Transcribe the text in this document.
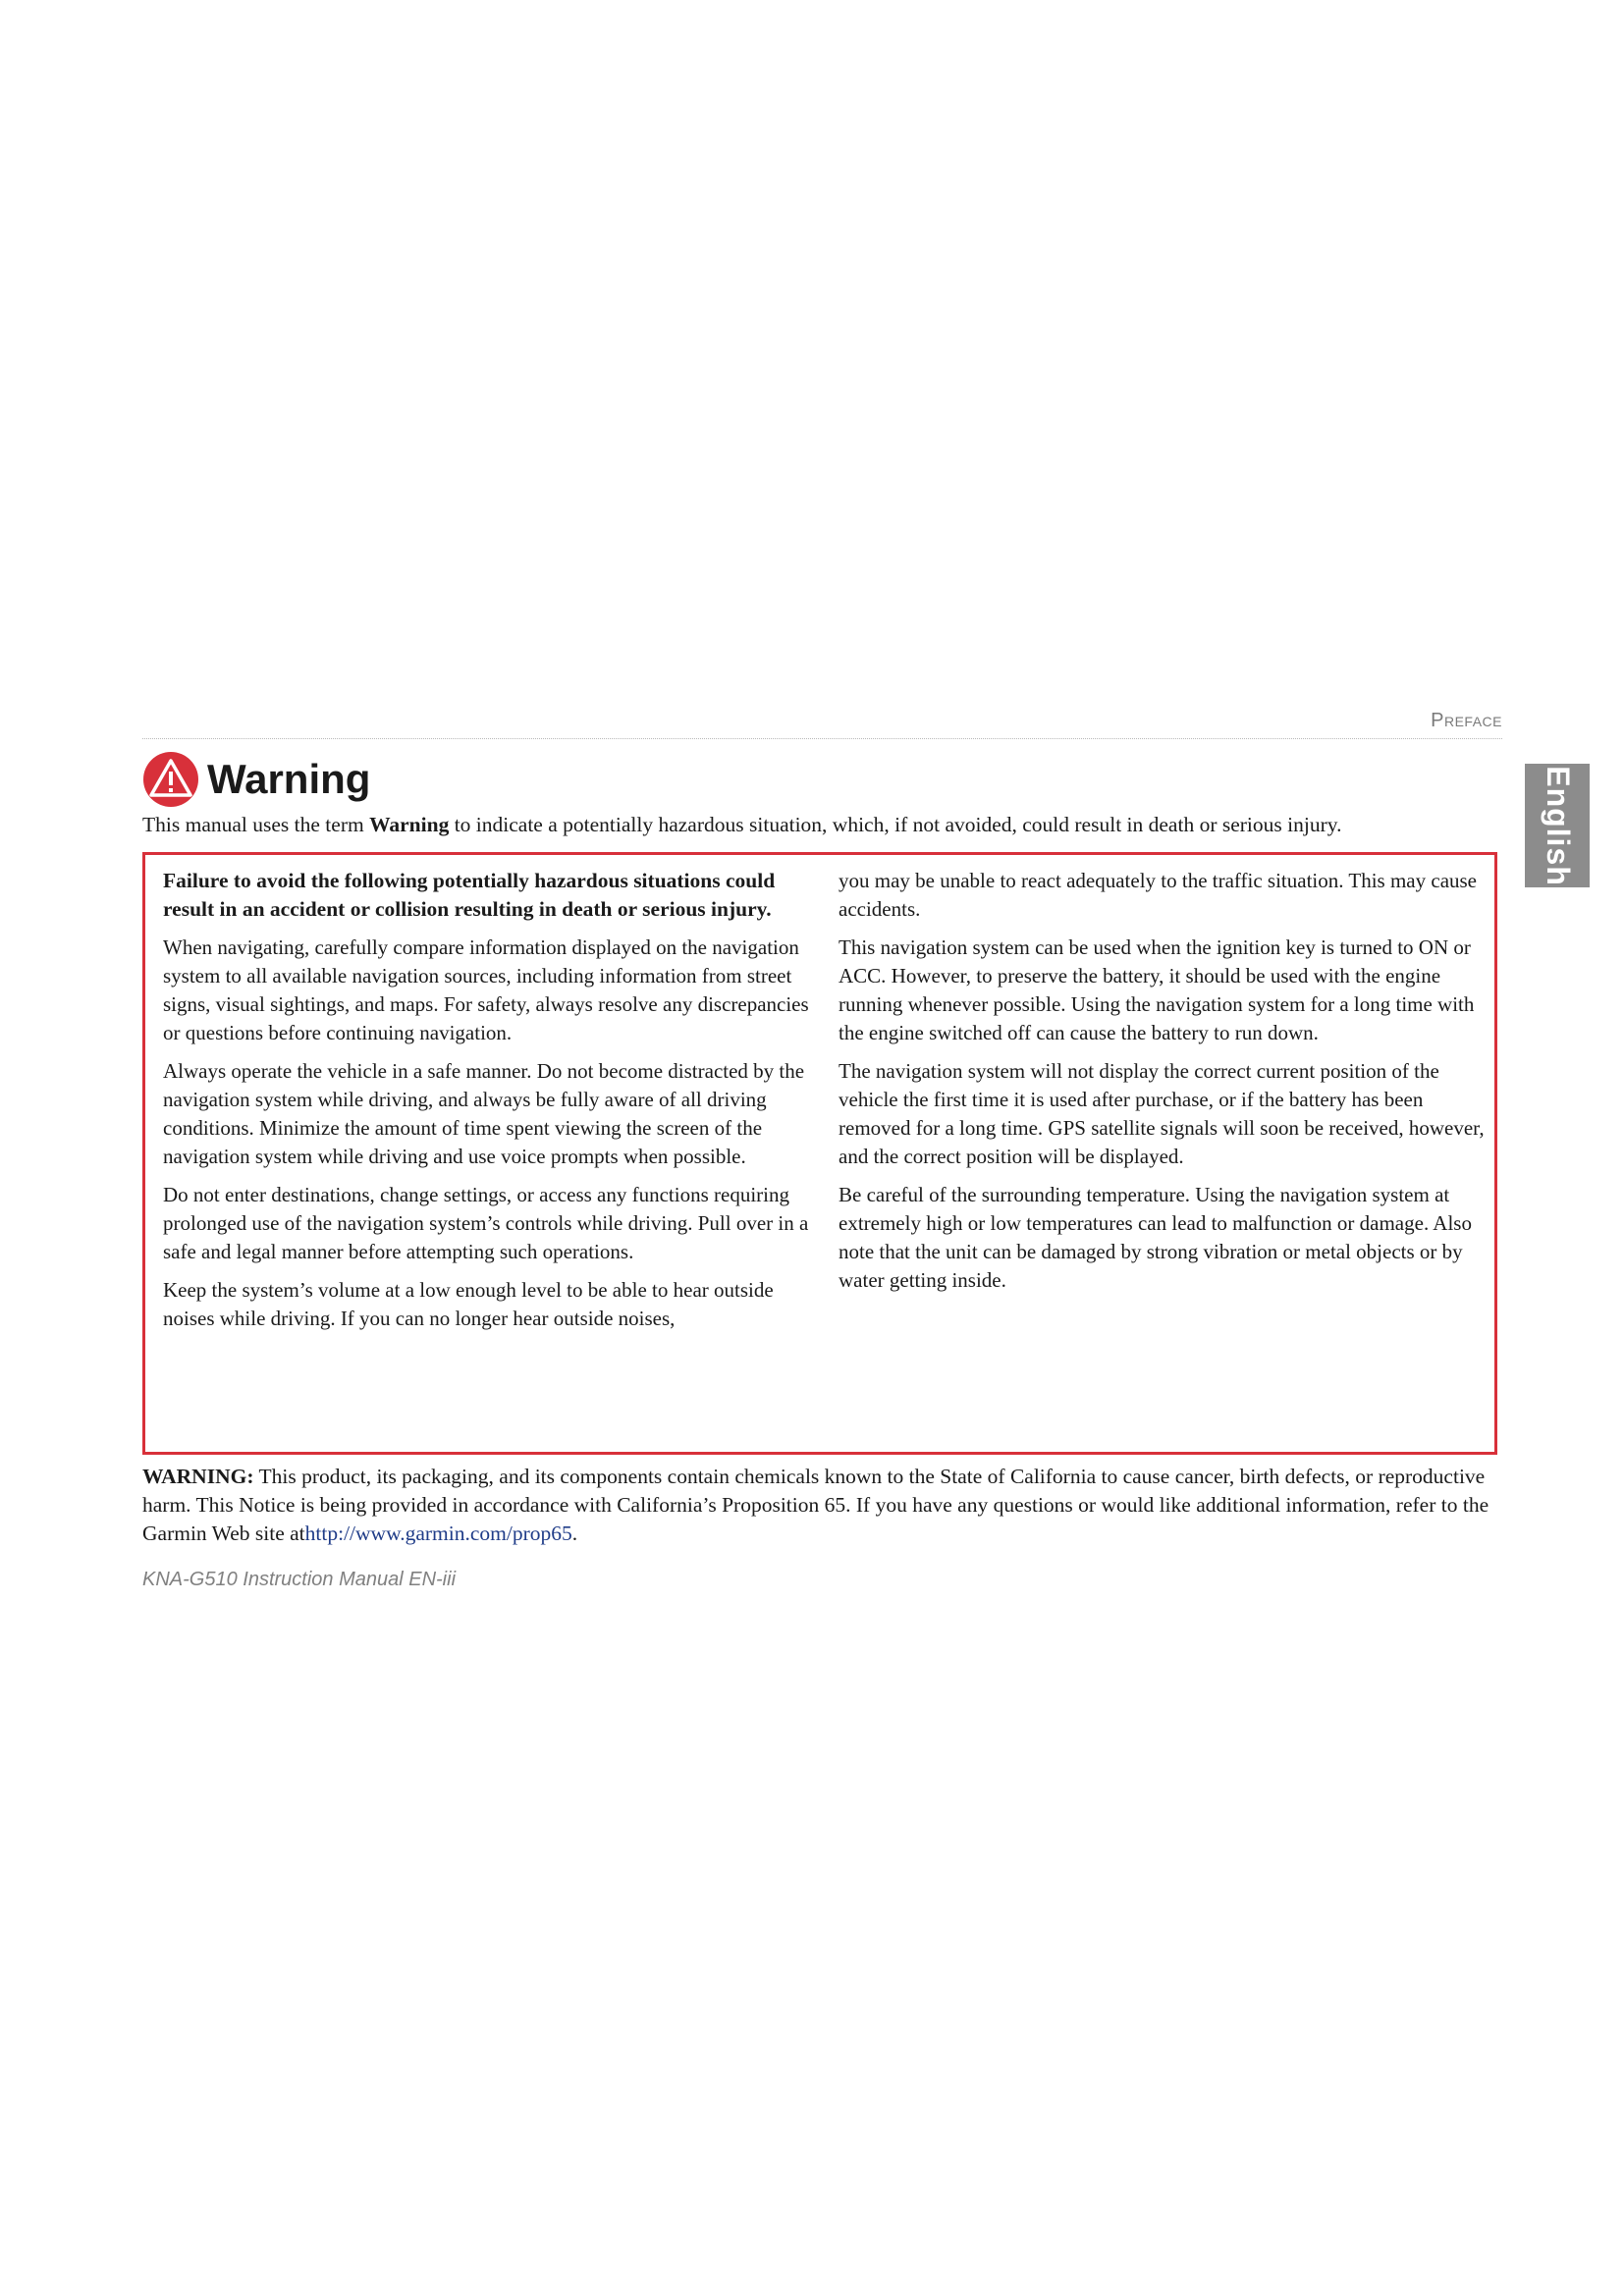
Preface
English
Warning
This manual uses the term Warning to indicate a potentially hazardous situation, which, if not avoided, could result in death or serious injury.

Failure to avoid the following potentially hazardous situations could result in an accident or collision resulting in death or serious injury.

When navigating, carefully compare information displayed on the navigation system to all available navigation sources, including information from street signs, visual sightings, and maps. For safety, always resolve any discrepancies or questions before continuing navigation.

Always operate the vehicle in a safe manner. Do not become distracted by the navigation system while driving, and always be fully aware of all driving conditions. Minimize the amount of time spent viewing the screen of the navigation system while driving and use voice prompts when possible.

Do not enter destinations, change settings, or access any functions requiring prolonged use of the navigation system’s controls while driving. Pull over in a safe and legal manner before attempting such operations.

Keep the system’s volume at a low enough level to be able to hear outside noises while driving. If you can no longer hear outside noises,

you may be unable to react adequately to the traffic situation. This may cause accidents.

This navigation system can be used when the ignition key is turned to ON or ACC. However, to preserve the battery, it should be used with the engine running whenever possible. Using the navigation system for a long time with the engine switched off can cause the battery to run down.

The navigation system will not display the correct current position of the vehicle the first time it is used after purchase, or if the battery has been removed for a long time. GPS satellite signals will soon be received, however, and the correct position will be displayed.

Be careful of the surrounding temperature. Using the navigation system at extremely high or low temperatures can lead to malfunction or damage. Also note that the unit can be damaged by strong vibration or metal objects or by water getting inside.

WARNING: This product, its packaging, and its components contain chemicals known to the State of California to cause cancer, birth defects, or reproductive harm. This Notice is being provided in accordance with California’s Proposition 65. If you have any questions or would like additional information, refer to the Garmin Web site athttp://www.garmin.com/prop65.
KNA-G510 Instruction Manual EN-iii
